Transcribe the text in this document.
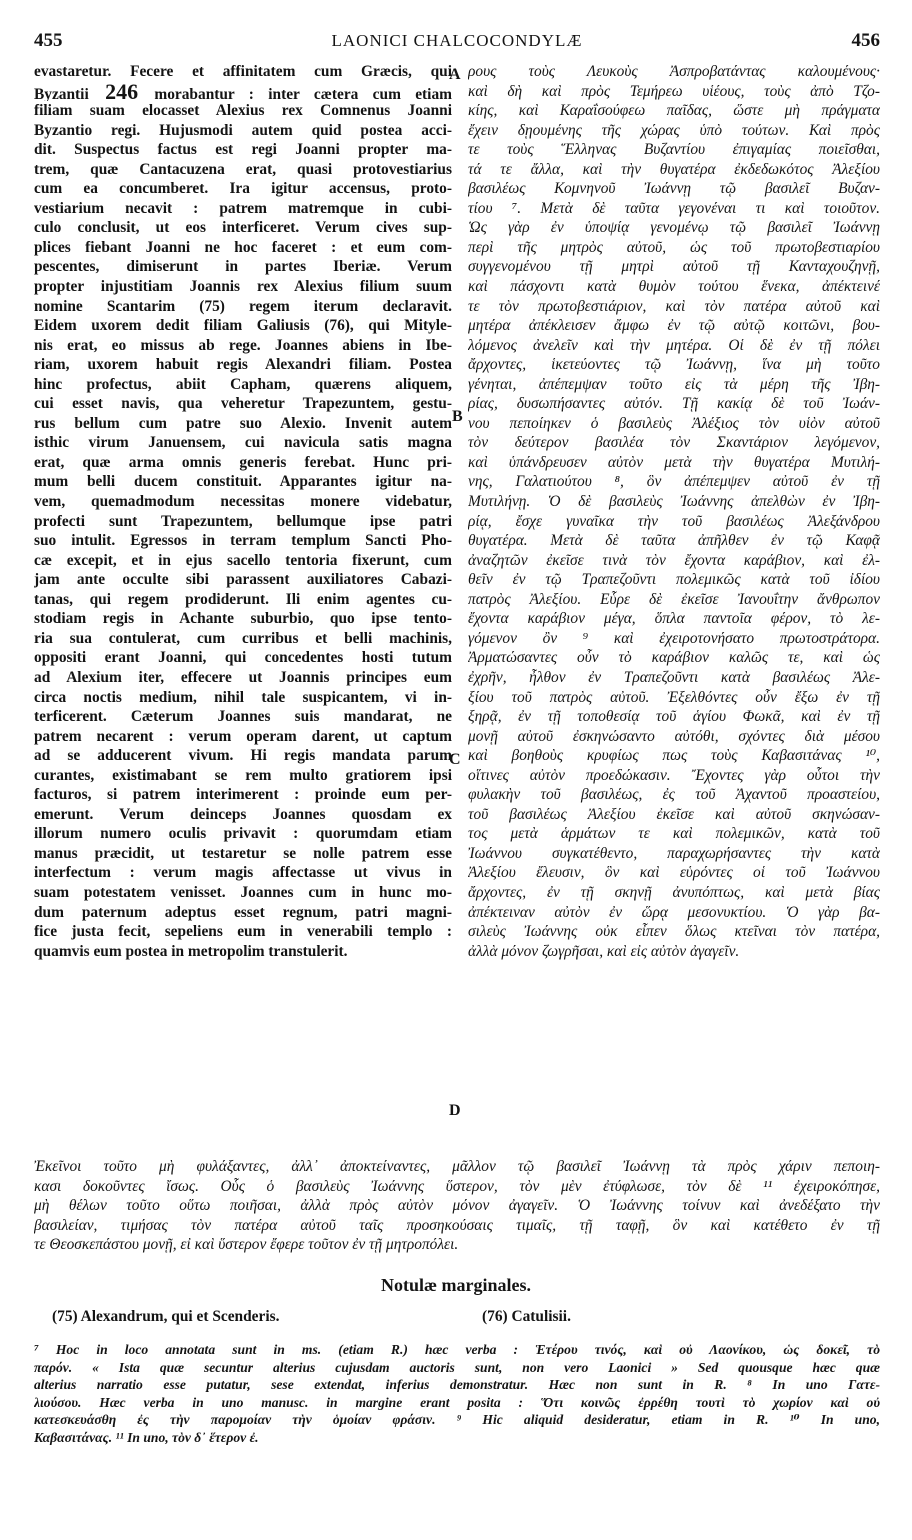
455	LAONICI CHALCOCONDYLÆ	456
evastaretur. Fecere et affinitatem cum Græcis, qui
Byzantii 246 morabantur : inter cætera cum etiam
filiam suam elocasset Alexius rex Comnenus Joanni
Byzantio regi. Hujusmodi autem quid postea acci-
dit. Suspectus factus est regi Joanni propter ma-
trem, quæ Cantacuzena erat, quasi protovestiarius
cum ea concumberet. Ira igitur accensus, proto-
vestiarium necavit : patrem matremque in cubi-
culo conclusit, ut eos interficeret. Verum cives sup-
plices fiebant Joanni ne hoc faceret : et eum com-
pescentes, dimiserunt in partes Iberiæ. Verum
propter injustitiam Joannis rex Alexius filium suum
nomine Scantarim (75) regem iterum declaravit.
Eidem uxorem dedit filiam Galiusis (76), qui Mityle-
nis erat, eo missus ab rege. Joannes abiens in Ibe-
riam, uxorem habuit regis Alexandri filiam. Postea
hinc profectus, abiit Capham, quærens aliquem,
cui esset navis, qua veheretur Trapezuntem, gestu-
rus bellum cum patre suo Alexio. Invenit autem
isthic virum Januensem, cui navicula satis magna
erat, quæ arma omnis generis ferebat. Hunc pri-
mum belli ducem constituit. Apparantes igitur na-
vem, quemadmodum necessitas monere videbatur,
profecti sunt Trapezuntem, bellumque ipse patri
suo intulit. Egressos in terram templum Sancti Pho-
cæ excepit, et in ejus sacello tentoria fixerunt, cum
jam ante occulte sibi parassent auxiliatores Cabazi-
tanas, qui regem prodiderunt. Ili enim agentes cu-
stodiam regis in Achante suburbio, quo ipse tento-
ria sua contulerat, cum curribus et belli machinis,
oppositi erant Joanni, qui concedentes hosti tutum
ad Alexium iter, effecere ut Joannis principes eum
circa noctis medium, nihil tale suspicantem, vi in-
terficerent. Cæterum Joannes suis mandarat, ne
patrem necarent : verum operam darent, ut captum
ad se adducerent vivum. Hi regis mandata parum
curantes, existimabant se rem multo gratiorem ipsi
facturos, si patrem interimerent : proinde eum per-
emerunt. Verum deinceps Joannes quosdam ex
illorum numero oculis privavit : quorumdam etiam
manus præcidit, ut testaretur se nolle patrem esse
interfectum : verum magis affectasse ut vivus in
suam potestatem venisset. Joannes cum in hunc mo-
dum paternum adeptus esset regnum, patri magni-
fice justa fecit, sepeliens eum in venerabili templo :
quamvis eum postea in metropolim transtulerit.
ρους τοὺς Λευκοὺς Ἀσπροβατάντας καλουμένους·
καὶ δὴ καὶ πρὸς Τεμήρεω υἱέους, τοὺς ἀπὸ Τζο-
κίης, καὶ Καραΐσούφεω παῖδας, ὥστε μὴ πράγματα
ἔχειν δῃουμένης τῆς χώρας ὑπὸ τούτων. Καὶ πρὸς
τε τοὺς Ἕλληνας Βυζαντίου ἐπιγαμίας ποιεῖσθαι,
τά τε ἄλλα, καὶ τὴν θυγατέρα ἐκδεδωκότος Ἀλεξίου
βασιλέως Κομνηνοῦ Ἰωάννῃ τῷ βασιλεῖ Βυζαν-
τίου ⁷. Μετὰ δὲ ταῦτα γεγονέναι τι καὶ τοιοῦτον.
Ὡς γὰρ ἐν ὑποψίᾳ γενομένῳ τῷ βασιλεῖ Ἰωάννῃ
περὶ τῆς μητρὸς αὐτοῦ, ὡς τοῦ πρωτοβεστιαρίου
συγγενομένου τῇ μητρὶ αὐτοῦ τῇ Κανταχουζηνῇ,
καὶ πάσχοντι κατὰ θυμὸν τούτου ἕνεκα, ἀπέκτεινέ
τε τὸν πρωτοβεστιάριον, καὶ τὸν πατέρα αὐτοῦ καὶ
μητέρα ἀπέκλεισεν ἄμφω ἐν τῷ αὐτῷ κοιτῶνι, βου-
λόμενος ἀνελεῖν καὶ τὴν μητέρα. Οἱ δὲ ἐν τῇ πόλει
ἄρχοντες, ἱκετεύοντες τῷ Ἰωάννῃ, ἵνα μὴ τοῦτο
γένηται, ἀπέπεμψαν τοῦτο εἰς τὰ μέρη τῆς Ἰβη-
ρίας, δυσωπήσαντες αὐτόν. Τῇ κακίᾳ δὲ τοῦ Ἰωάν-
νου πεποίηκεν ὁ βασιλεὺς Ἀλέξιος τὸν υἱὸν αὐτοῦ
τὸν δεύτερον βασιλέα τὸν Σκαντάριον λεγόμενον,
καὶ ὑπάνδρευσεν αὐτὸν μετὰ τὴν θυγατέρα Μυτιλή-
νης, Γαλατιούτου ⁸, ὃν ἀπέπεμψεν αὐτοῦ ἐν τῇ
Μυτιλήνῃ. Ὁ δὲ βασιλεὺς Ἰωάννης ἀπελθὼν ἐν Ἰβη-
ρίᾳ, ἔσχε γυναῖκα τὴν τοῦ βασιλέως Ἀλεξάνδρου
θυγατέρα. Μετὰ δὲ ταῦτα ἀπῆλθεν ἐν τῷ Καφᾷ
ἀναζητῶν ἐκεῖσε τινὰ τὸν ἔχοντα καράβιον, καὶ ἐλ-
θεῖν ἐν τῷ Τραπεζοῦντι πολεμικῶς κατὰ τοῦ ἰδίου
πατρὸς Ἀλεξίου. Εὗρε δὲ ἐκεῖσε Ἰανουΐτην ἄνθρωπον
ἔχοντα καράβιον μέγα, ὅπλα παντοῖα φέρον, τὸ λε-
γόμενον ὂν ⁹ καὶ ἐχειροτονήσατο πρωτοστράτορα.
Ἀρματώσαντες οὖν τὸ καράβιον καλῶς τε, καὶ ὡς
ἐχρῆν, ἦλθον ἐν Τραπεζοῦντι κατὰ βασιλέως Ἀλε-
ξίου τοῦ πατρὸς αὐτοῦ. Ἐξελθόντες οὖν ἔξω ἐν τῇ
ξηρᾷ, ἐν τῇ τοποθεσίᾳ τοῦ ἁγίου Φωκᾶ, καὶ ἐν τῇ
μονῇ αὐτοῦ ἐσκηνώσαντο αὐτόθι, σχόντες διὰ μέσου
καὶ βοηθοὺς κρυφίως πως τοὺς Καβασιτάνας ¹⁰,
οἵτινες αὐτὸν προεδώκασιν. Ἔχοντες γὰρ οὗτοι τὴν
φυλακὴν τοῦ βασιλέως, ἐς τοῦ Ἀχαντοῦ προαστείου,
τοῦ βασιλέως Ἀλεξίου ἐκεῖσε καὶ αὐτοῦ σκηνώσαν-
τος μετὰ ἁρμάτων τε καὶ πολεμικῶν, κατὰ τοῦ
Ἰωάννου συγκατέθεντο, παραχωρήσαντες τὴν κατὰ
Ἀλεξίου ἔλευσιν, ὃν καὶ εὑρόντες οἱ τοῦ Ἰωάννου
ἄρχοντες, ἐν τῇ σκηνῇ ἀνυπόπτως, καὶ μετὰ βίας
ἀπέκτειναν αὐτὸν ἐν ὥρᾳ μεσονυκτίου. Ὁ γὰρ βα-
σιλεὺς Ἰωάννης οὐκ εἶπεν ὅλως κτεῖναι τὸν πατέρα,
ἀλλὰ μόνον ζωγρῆσαι, καὶ εἰς αὐτὸν ἀγαγεῖν.
A
B
C
D
Ἐκεῖνοι τοῦτο μὴ φυλάξαντες, ἀλλ᾽ ἀποκτείναντες, μᾶλλον τῷ βασιλεῖ Ἰωάννῃ τὰ πρὸς χάριν πεποιη-
κασι δοκοῦντες ἴσως. Οὗς ὁ βασιλεὺς Ἰωάννης ὕστερον, τὸν μὲν ἐτύφλωσε, τὸν δὲ ¹¹ ἐχειροκόπησε,
μὴ θέλων τοῦτο οὕτω ποιῆσαι, ἀλλὰ πρὸς αὐτὸν μόνον ἀγαγεῖν. Ὁ Ἰωάννης τοίνυν καὶ ἀνεδέξατο τὴν
βασιλείαν, τιμήσας τὸν πατέρα αὐτοῦ ταῖς προσηκούσαις τιμαῖς, τῇ ταφῇ, ὃν καὶ κατέθετο ἐν τῇ
τε Θεοσκεπάστου μονῇ, εἰ καὶ ὕστερον ἔφερε τοῦτον ἐν τῇ μητροπόλει.
Notulæ marginales.
(75) Alexandrum, qui et Scenderis.	(76) Catulisii.
⁷ Hoc in loco annotata sunt in ms. (etiam R.) hæc verba : Ἑτέρου τινός, καὶ οὐ Λαονίκου, ὡς δοκεῖ, τὸ
παρόν. « Ista quæ secuntur alterius cujusdam auctoris sunt, non vero Laonici » Sed quousque hæc quæ
alterius narratio esse putatur, sese extendat, inferius demonstratur. Hæc non sunt in R. ⁸ In uno Γατε-
λιούσου. Hæc verba in uno manusc. in margine erant posita : Ὅτι κοινῶς ἐρρέθη τουτὶ τὸ χωρίον καὶ οὐ
κατεσκευάσθη ἐς τὴν παρομοίαν τὴν ὁμοίαν φράσιν. ⁹ Hic aliquid desideratur, etiam in R. ¹⁰ In uno,
Καβασιτάνας. ¹¹ In uno, τὸν δ᾽ ἕτερον ἐ.
